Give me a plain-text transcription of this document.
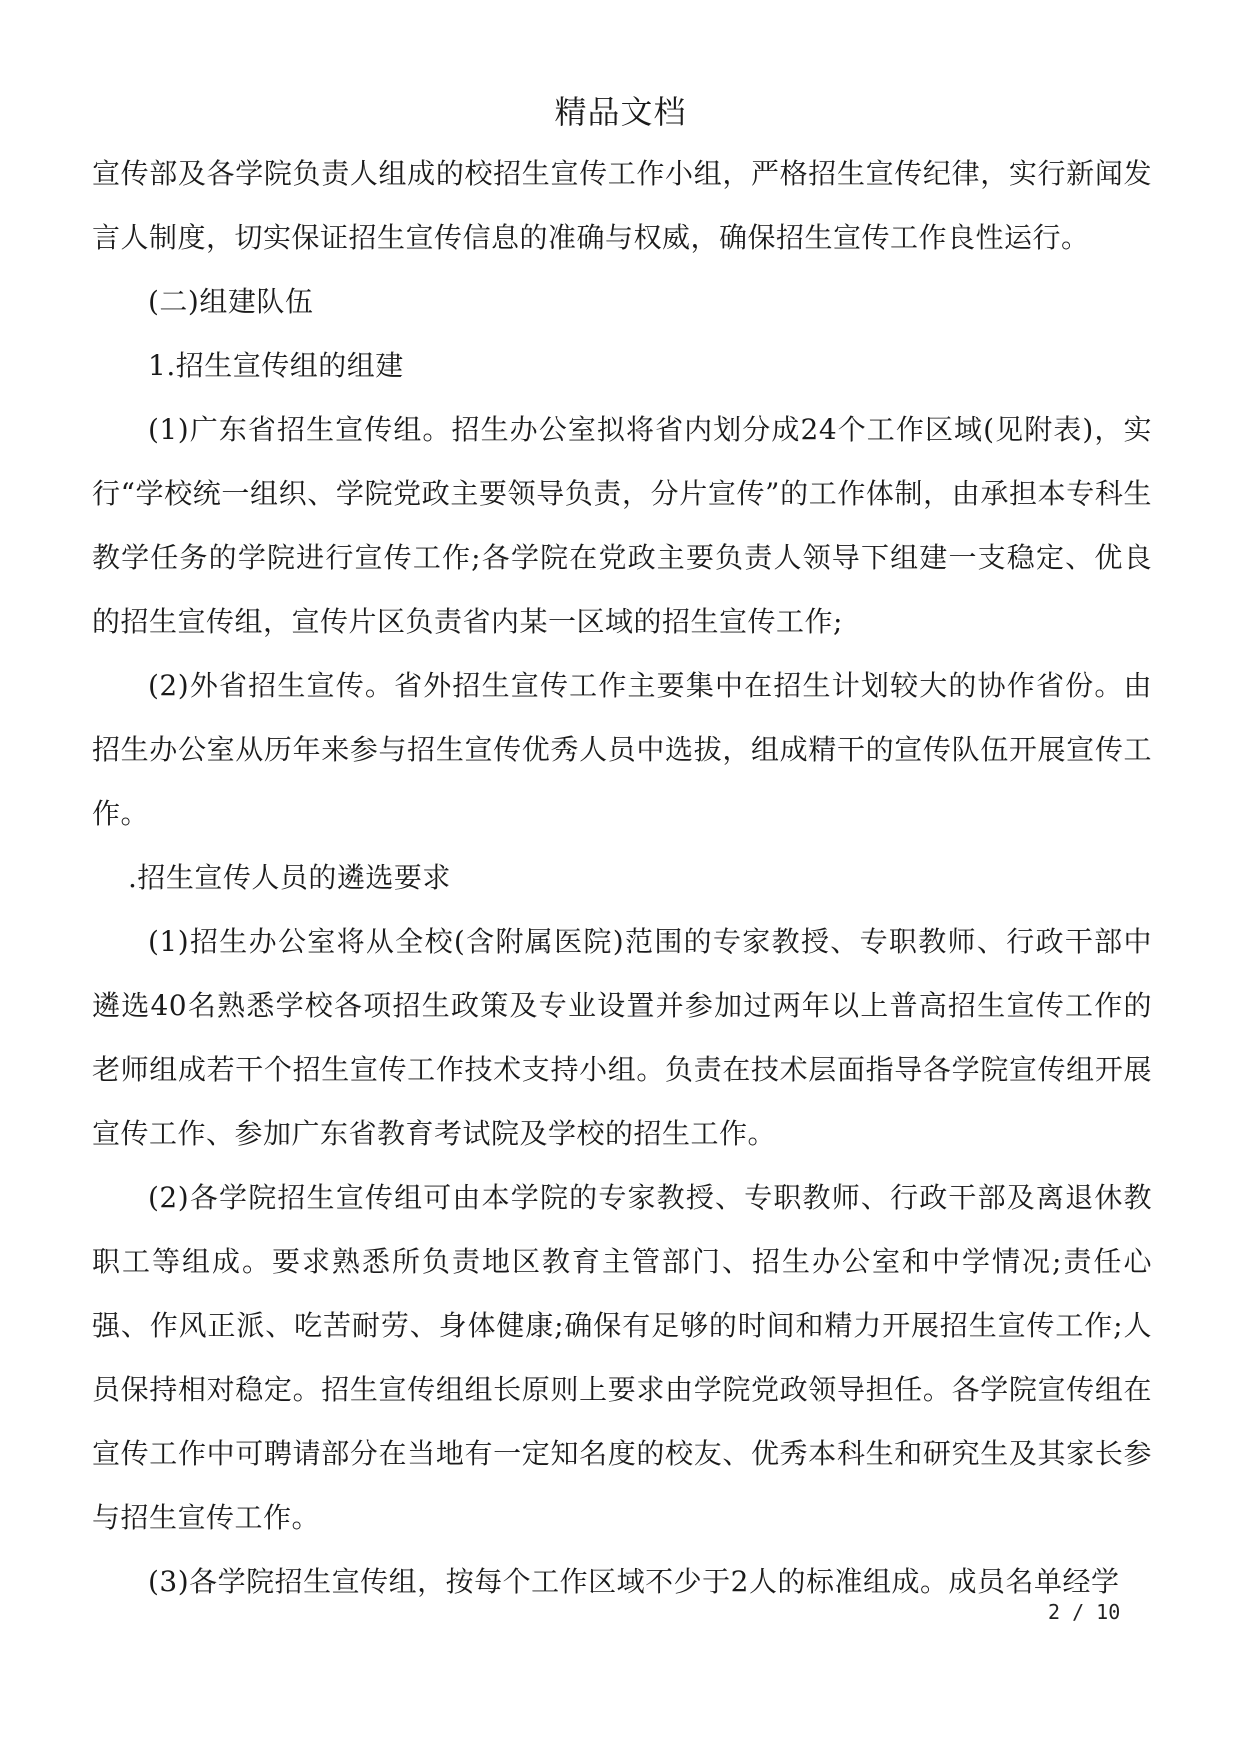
精品文档

宣传部及各学院负责人组成的校招生宣传工作小组，严格招生宣传纪律，实行新闻发言人制度，切实保证招生宣传信息的准确与权威，确保招生宣传工作良性运行。

(二)组建队伍

1.招生宣传组的组建

(1)广东省招生宣传组。招生办公室拟将省内划分成24个工作区域(见附表)，实行“学校统一组织、学院党政主要领导负责，分片宣传”的工作体制，由承担本专科生教学任务的学院进行宣传工作;各学院在党政主要负责人领导下组建一支稳定、优良的招生宣传组，宣传片区负责省内某一区域的招生宣传工作;

(2)外省招生宣传。省外招生宣传工作主要集中在招生计划较大的协作省份。由招生办公室从历年来参与招生宣传优秀人员中选拔，组成精干的宣传队伍开展宣传工作。

.招生宣传人员的遴选要求

(1)招生办公室将从全校(含附属医院)范围的专家教授、专职教师、行政干部中遴选40名熟悉学校各项招生政策及专业设置并参加过两年以上普高招生宣传工作的老师组成若干个招生宣传工作技术支持小组。负责在技术层面指导各学院宣传组开展宣传工作、参加广东省教育考试院及学校的招生工作。

(2)各学院招生宣传组可由本学院的专家教授、专职教师、行政干部及离退休教职工等组成。要求熟悉所负责地区教育主管部门、招生办公室和中学情况;责任心强、作风正派、吃苦耐劳、身体健康;确保有足够的时间和精力开展招生宣传工作;人员保持相对稳定。招生宣传组组长原则上要求由学院党政领导担任。各学院宣传组在宣传工作中可聘请部分在当地有一定知名度的校友、优秀本科生和研究生及其家长参与招生宣传工作。

(3)各学院招生宣传组，按每个工作区域不少于2人的标准组成。成员名单经学

2 / 10
